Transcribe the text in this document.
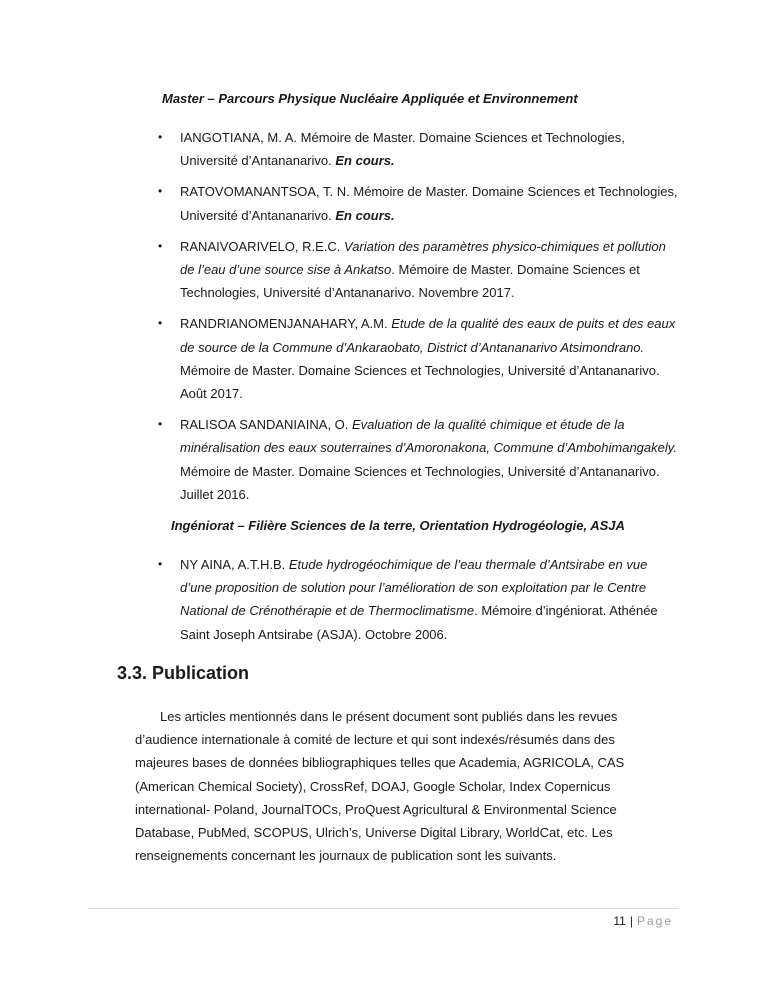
Master – Parcours Physique Nucléaire Appliquée et Environnement

• IANGOTIANA, M. A. Mémoire de Master. Domaine Sciences et Technologies, Université d’Antananarivo. En cours.
• RATOVOMANANTSOA, T. N. Mémoire de Master. Domaine Sciences et Technologies, Université d’Antananarivo. En cours.
• RANAIVOARIVELO, R.E.C. Variation des paramètres physico-chimiques et pollution de l’eau d’une source sise à Ankatso. Mémoire de Master. Domaine Sciences et Technologies, Université d’Antananarivo. Novembre 2017.
• RANDRIANOMENJANAHARY, A.M. Etude de la qualité des eaux de puits et des eaux de source de la Commune d’Ankaraobato, District d’Antananarivo Atsimondrano. Mémoire de Master. Domaine Sciences et Technologies, Université d’Antananarivo. Août 2017.
• RALISOA SANDANIAINA, O. Evaluation de la qualité chimique et étude de la minéralisation des eaux souterraines d’Amoronakona, Commune d’Ambohimangakely. Mémoire de Master. Domaine Sciences et Technologies, Université d’Antananarivo. Juillet 2016.

Ingéniorat – Filière Sciences de la terre, Orientation Hydrogéologie, ASJA

• NY AINA, A.T.H.B. Etude hydrogéochimique de l’eau thermale d’Antsirabe en vue d’une proposition de solution pour l’amélioration de son exploitation par le Centre National de Crénothérapie et de Thermoclimatisme. Mémoire d’ingéniorat. Athénée Saint Joseph Antsirabe (ASJA). Octobre 2006.
3.3. Publication

Les articles mentionnés dans le présent document sont publiés dans les revues d’audience internationale à comité de lecture et qui sont indexés/résumés dans des majeures bases de données bibliographiques telles que Academia, AGRICOLA, CAS (American Chemical Society), CrossRef, DOAJ, Google Scholar, Index Copernicus international- Poland, JournalTOCs, ProQuest Agricultural & Environmental Science Database, PubMed, SCOPUS, Ulrich’s, Universe Digital Library, WorldCat, etc. Les renseignements concernant les journaux de publication sont les suivants.

11 | Page
